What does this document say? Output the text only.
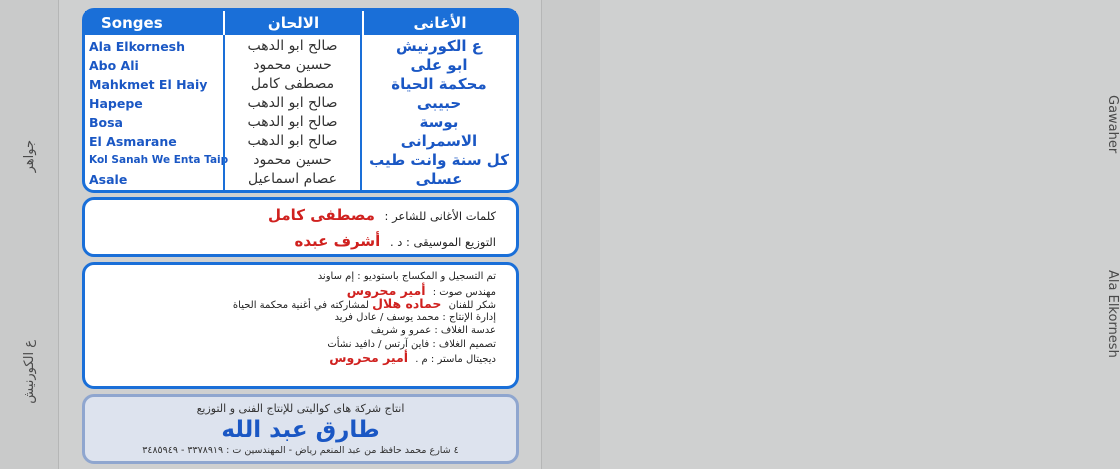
جواهر
ع الكورنيش
Gawaher
Ala Elkornesh
Songes	الالحان	الأغانى
Ala Elkornesh
Abo Ali
Mahkmet El Haiy
Hapepe
Bosa
El Asmarane
Kol Sanah We Enta Taip
Asale
صالح ابو الدهب
حسين محمود
مصطفى كامل
صالح ابو الدهب
صالح ابو الدهب
صالح ابو الدهب
حسين محمود
عصام اسماعيل
ع الكورنيش
ابو على
محكمة الحياة
حبيبى
بوسة
الاسمرانى
كل سنة وانت طيب
عسلى
كلمات الأغانى للشاعر : مصطفى كامل
التوزيع الموسيقى : د . أشرف عبده
تم التسجيل و المكساج باستوديو : إم ساوند
مهندس صوت : أمير محروس
شكر للفنان حماده هلال لمشاركته في أغنية محكمة الحياة
إدارة الإنتاج : محمد يوسف / عادل فريد
عدسة الغلاف : عمرو و شريف
تصميم الغلاف : فاين آرتس / دافيد نشأت
ديجيتال ماستر : م . أمير محروس
انتاج شركة هاى كواليتى للإنتاج الفنى و التوزيع
طارق عبد الله
٤ شارع محمد حافظ من عبد المنعم رياض - المهندسين ت : ٣٣٧٨٩١٩ - ٣٤٨٥٩٤٩
